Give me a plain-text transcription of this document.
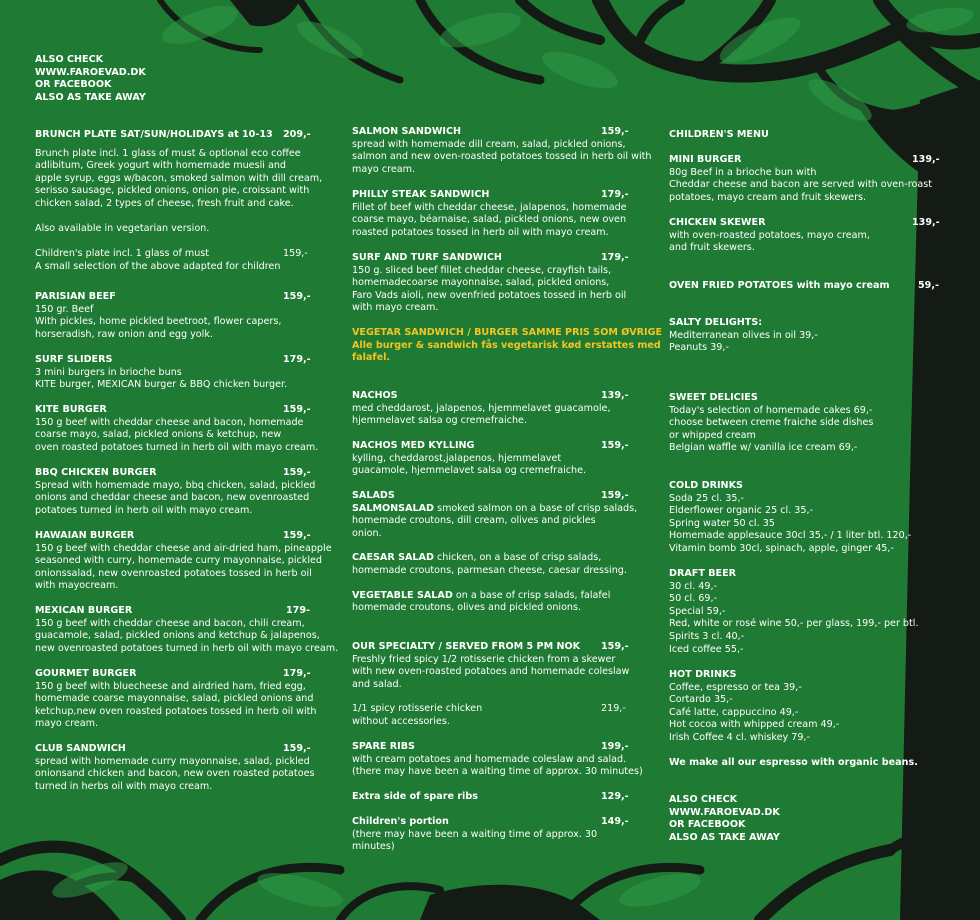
ALSO CHECK
WWW.FAROEVAD.DK
OR FACEBOOK
ALSO AS TAKE AWAY
BRUNCH PLATE SAT/SUN/HOLIDAYS at 10-13	209,-
Brunch plate incl. 1 glass of must & optional eco coffee
adlibitum, Greek yogurt with homemade muesli and
apple syrup, eggs w/bacon, smoked salmon with dill cream,
serisso sausage, pickled onions, onion pie, croissant with
chicken salad, 2 types of cheese, fresh fruit and cake.
Also available in vegetarian version.
Children's plate incl. 1 glass of must	159,-
A small selection of the above adapted for children
PARISIAN BEEF	159,-
150 gr. Beef
With pickles, home pickled beetroot, flower capers,
horseradish, raw onion and egg yolk.
SURF SLIDERS	179,-
3 mini burgers in brioche buns
KITE burger, MEXICAN burger & BBQ chicken burger.
KITE BURGER	159,-
150 g beef with cheddar cheese and bacon, homemade
coarse mayo, salad, pickled onions & ketchup, new
oven roasted potatoes turned in herb oil with mayo cream.
BBQ CHICKEN BURGER	159,-
Spread with homemade mayo, bbq chicken, salad, pickled
onions and cheddar cheese and bacon, new ovenroasted
potatoes turned in herb oil with mayo cream.
HAWAIAN BURGER	159,-
150 g beef with cheddar cheese and air-dried ham, pineapple
seasoned with curry, homemade curry mayonnaise, pickled
onionssalad, new ovenroasted potatoes tossed in herb oil
with mayocream.
MEXICAN BURGER	179-
150 g beef with cheddar cheese and bacon, chili cream,
guacamole, salad, pickled onions and ketchup & jalapenos,
new ovenroasted potatoes turned in herb oil with mayo cream.
GOURMET BURGER	179,-
150 g beef with bluecheese and airdried ham, fried egg,
homemade coarse mayonnaise, salad, pickled onions and
ketchup,new oven roasted potatoes tossed in herb oil with
mayo cream.
CLUB SANDWICH	159,-
spread with homemade curry mayonnaise, salad, pickled
onionsand chicken and bacon, new oven roasted potatoes
turned in herbs oil with mayo cream.
SALMON SANDWICH	159,-
spread with homemade dill cream, salad, pickled onions,
salmon and new oven-roasted potatoes tossed in herb oil with
mayo cream.
PHILLY STEAK SANDWICH	179,-
Fillet of beef with cheddar cheese, jalapenos, homemade
coarse mayo, béarnaise, salad, pickled onions, new oven
roasted potatoes tossed in herb oil with mayo cream.
SURF AND TURF SANDWICH	179,-
150 g. sliced beef fillet cheddar cheese, crayfish tails,
homemadecoarse mayonnaise, salad, pickled onions,
Faro Vads aioli, new ovenfried potatoes tossed in herb oil
with mayo cream.
VEGETAR SANDWICH / BURGER SAMME PRIS SOM ØVRIGE
Alle burger & sandwich fås vegetarisk kød erstattes med
falafel.
NACHOS	139,-
med cheddarost, jalapenos, hjemmelavet guacamole,
hjemmelavet salsa og cremefraiche.
NACHOS MED KYLLING	159,-
kylling, cheddarost,jalapenos, hjemmelavet
guacamole, hjemmelavet salsa og cremefraiche.
SALADS	159,-
SALMONSALAD smoked salmon on a base of crisp salads,
homemade croutons, dill cream, olives and pickles
onion.
CAESAR SALAD chicken, on a base of crisp salads,
homemade croutons, parmesan cheese, caesar dressing.
VEGETABLE SALAD on a base of crisp salads, falafel
homemade croutons, olives and pickled onions.
OUR SPECIALTY / SERVED FROM 5 PM NOK	159,-
Freshly fried spicy 1/2 rotisserie chicken from a skewer
with new oven-roasted potatoes and homemade coleslaw
and salad.
1/1 spicy rotisserie chicken	219,-
without accessories.
SPARE RIBS	199,-
with cream potatoes and homemade coleslaw and salad.
(there may have been a waiting time of approx. 30 minutes)
Extra side of spare ribs	129,-
Children's portion	149,-
(there may have been a waiting time of approx. 30 minutes)
CHILDREN'S MENU
MINI BURGER	139,-
80g Beef in a brioche bun with
Cheddar cheese and bacon are served with oven-roast
potatoes, mayo cream and fruit skewers.
CHICKEN SKEWER	139,-
with oven-roasted potatoes, mayo cream,
and fruit skewers.
OVEN FRIED POTATOES with mayo cream	59,-
SALTY DELIGHTS:
Mediterranean olives in oil 39,-
Peanuts 39,-
SWEET DELICIES
Today's selection of homemade cakes 69,-
choose between creme fraiche side dishes
or whipped cream
Belgian waffle w/ vanilla ice cream 69,-
COLD DRINKS
Soda 25 cl. 35,-
Elderflower organic 25 cl. 35,-
Spring water 50 cl. 35
Homemade applesauce 30cl 35,- / 1 liter btl. 120,-
Vitamin bomb 30cl, spinach, apple, ginger 45,-
DRAFT BEER
30 cl. 49,-
50 cl. 69,-
Special 59,-
Red, white or rosé wine 50,- per glass, 199,- per btl.
Spirits 3 cl. 40,-
Iced coffee 55,-
HOT DRINKS
Coffee, espresso or tea 39,-
Cortardo 35,-
Café latte, cappuccino 49,-
Hot cocoa with whipped cream 49,-
Irish Coffee 4 cl. whiskey 79,-
We make all our espresso with organic beans.
ALSO CHECK
WWW.FAROEVAD.DK
OR FACEBOOK
ALSO AS TAKE AWAY
